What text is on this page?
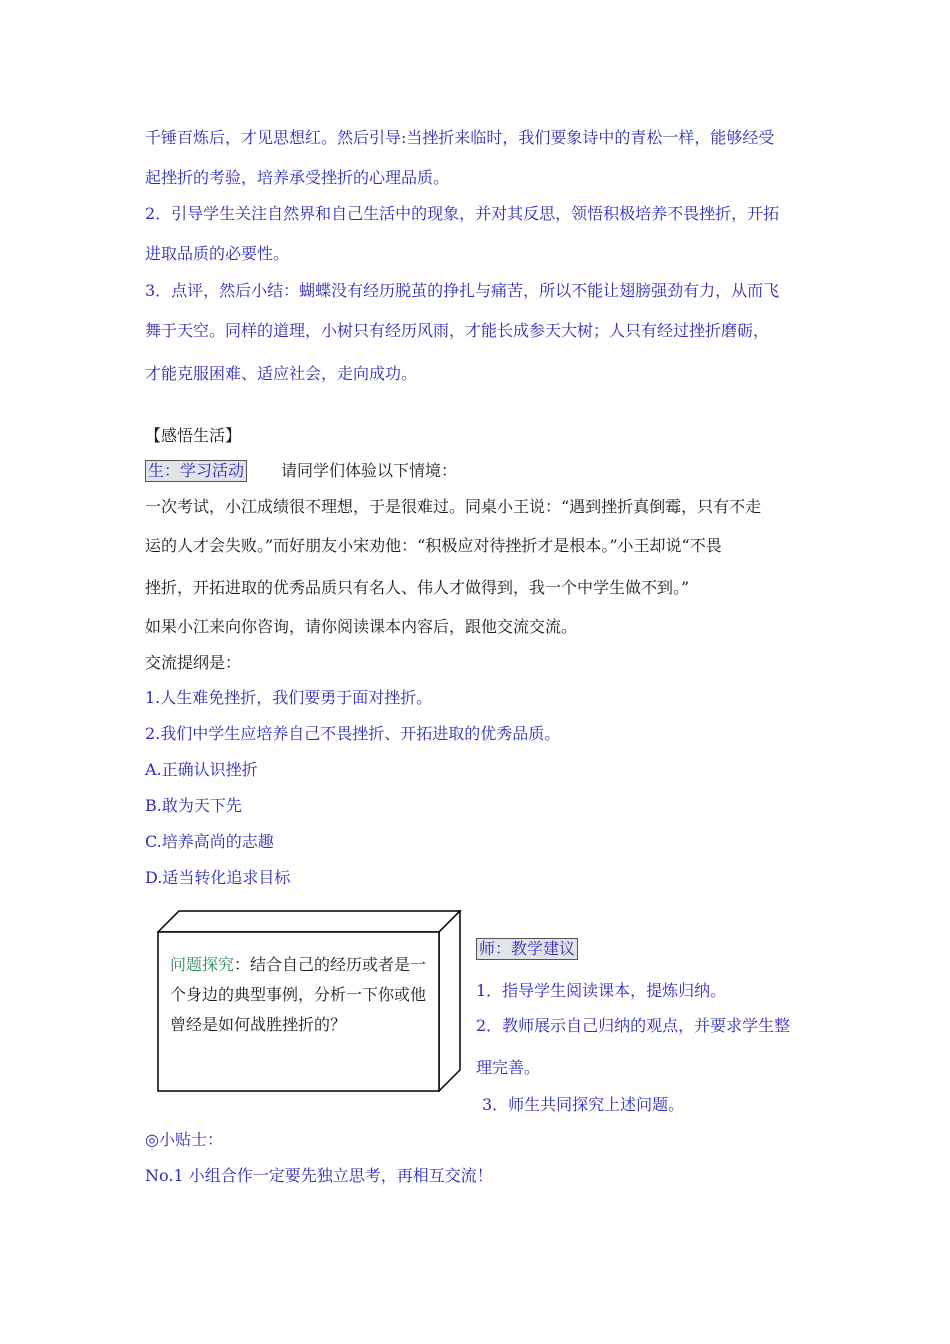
千锤百炼后，才见思想红。然后引导:当挫折来临时，我们要象诗中的青松一样，能够经受
起挫折的考验，培养承受挫折的心理品质。
2．引导学生关注自然界和自己生活中的现象，并对其反思，领悟积极培养不畏挫折，开拓
进取品质的必要性。
3．点评，然后小结：蝴蝶没有经历脱茧的挣扎与痛苦，所以不能让翅膀强劲有力，从而飞
舞于天空。同样的道理，小树只有经历风雨，才能长成参天大树；人只有经过挫折磨砺，
才能克服困难、适应社会，走向成功。
【感悟生活】
生：学习活动 请同学们体验以下情境：
一次考试，小江成绩很不理想，于是很难过。同桌小王说：“遇到挫折真倒霉，只有不走
运的人才会失败。”而好朋友小宋劝他：“积极应对待挫折才是根本。”小王却说“不畏
挫折，开拓进取的优秀品质只有名人、伟人才做得到，我一个中学生做不到。”
如果小江来向你咨询，请你阅读课本内容后，跟他交流交流。
交流提纲是：
1.人生难免挫折，我们要勇于面对挫折。
2.我们中学生应培养自己不畏挫折、开拓进取的优秀品质。
A.正确认识挫折
B.敢为天下先
C.培养高尚的志趣
D.适当转化追求目标
问题探究：结合自己的经历或者是一个身边的典型事例，分析一下你或他曾经是如何战胜挫折的？
师：教学建议
1．指导学生阅读课本，提炼归纳。
2．教师展示自己归纳的观点，并要求学生整
理完善。
3．师生共同探究上述问题。
◎小贴士：
No.1 小组合作一定要先独立思考，再相互交流！
